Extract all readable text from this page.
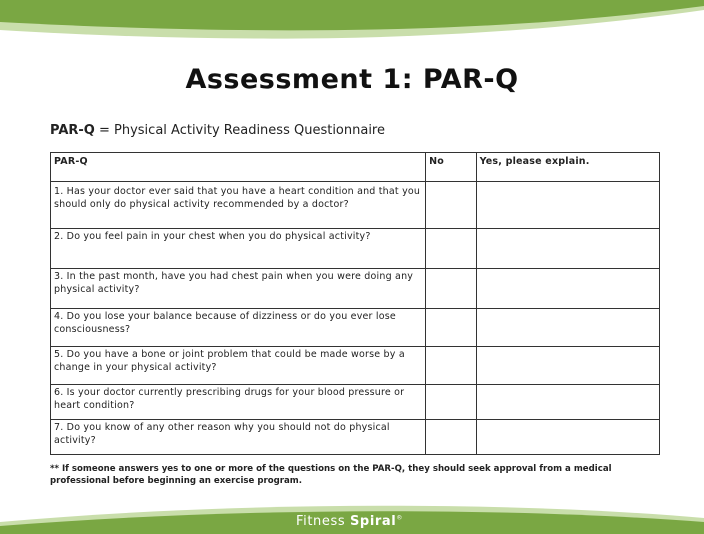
Assessment 1: PAR-Q
PAR-Q = Physical Activity Readiness Questionnaire
PAR-Q	No	Yes, please explain.
1. Has your doctor ever said that you have a heart condition and that you should only do physical activity recommended by a doctor?		
2. Do you feel pain in your chest when you do physical activity?		
3. In the past month, have you had chest pain when you were doing any physical activity?		
4. Do you lose your balance because of dizziness or do you ever lose consciousness?		
5. Do you have a bone or joint problem that could be made worse by a change in your physical activity?		
6. Is your doctor currently prescribing drugs for your blood pressure or heart condition?		
7. Do you know of any other reason why you should not do physical activity?		
** If someone answers yes to one or more of the questions on the PAR-Q, they should seek approval from a medical professional before beginning an exercise program.
Fitness Spiral®
